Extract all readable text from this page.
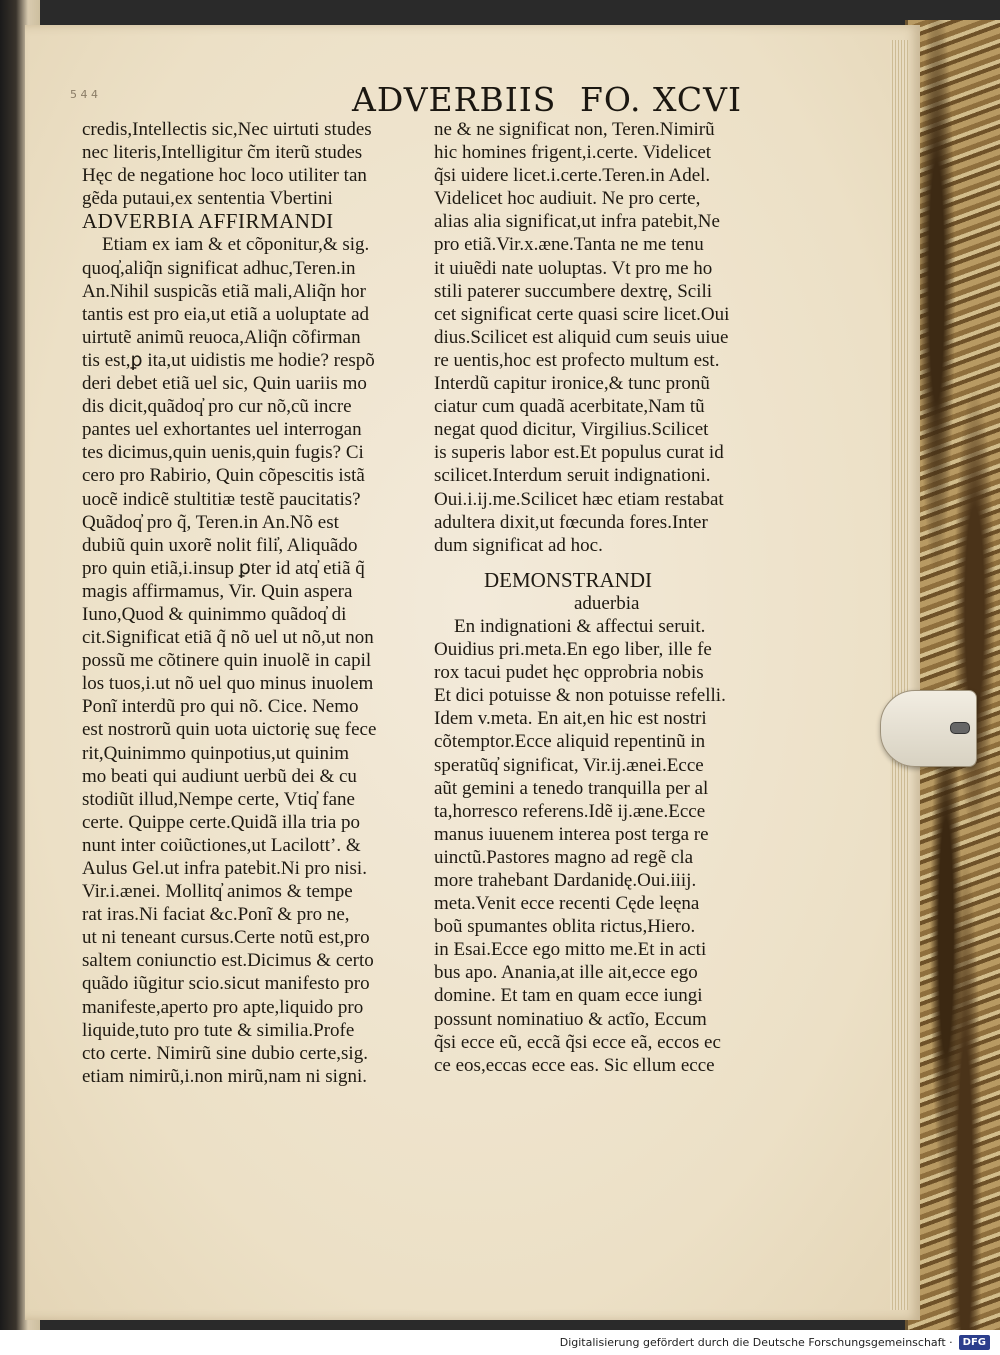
5 4 4	ADVERBIIS FO. XCVI
credis,Intellectis sic,Nec uirtuti studes
nec literis,Intelligitur c̃m iterũ studes
Hęc de negatione hoc loco utiliter tan
gẽda putaui,ex sententia Vbertini
ADVERBIA AFFIRMANDI
Etiam ex iam & et cõponitur,& sig.
quoq̓,aliq̃n significat adhuc,Teren.in
An.Nihil suspicãs etiã mali,Aliq̃n hor
tantis est pro eia,ut etiã a uoluptate ad
uirtutẽ animũ reuoca,Aliq̃n cõfirman
tis est,ꝑ ita,ut uidistis me hodie? respõ
deri debet etiã uel sic, Quin uariis mo
dis dicit,quãdoq̓ pro cur nõ,cũ incre
pantes uel exhortantes uel interrogan
tes dicimus,quin uenis,quin fugis? Ci
cero pro Rabirio, Quin cõpescitis istã
uocẽ indicẽ stultitiæ testẽ paucitatis?
Quãdoq̓ pro q̃, Teren.in An.Nõ est
dubiũ quin uxorẽ nolit fili̓, Aliquãdo
pro quin etiã,i.insup ꝑter id atq̓ etiã q̃
magis affirmamus, Vir. Quin aspera
Iuno,Quod & quinimmo quãdoq̓ di
cit.Significat etiã q̃ nõ uel ut nõ,ut non
possũ me cõtinere quin inuolẽ in capil
los tuos,i.ut nõ uel quo minus inuolem
Ponĩ interdũ pro qui nõ. Cice. Nemo
est nostrorũ quin uota uictorię suę fece
rit,Quinimmo quinpotius,ut quinim
mo beati qui audiunt uerbũ dei & cu
stodiũt illud,Nempe certe, Vtiq̓ fane
certe. Quippe certe.Quidã illa tria po
nunt inter coiũctiones,ut Lacilott’. &
Aulus Gel.ut infra patebit.Ni pro nisi.
Vir.i.ænei. Mollitq̓ animos & tempe
rat iras.Ni faciat &c.Ponĩ & pro ne,
ut ni teneant cursus.Certe notũ est,pro
saltem coniunctio est.Dicimus & certo
quãdo iũgitur scio.sicut manifesto pro
manifeste,aperto pro apte,liquido pro
liquide,tuto pro tute & similia.Profe
cto certe. Nimirũ sine dubio certe,sig.
etiam nimirũ,i.non mirũ,nam ni signi.
ne & ne significat non, Teren.Nimirũ
hic homines frigent,i.certe. Videlicet
q̃si uidere licet.i.certe.Teren.in Adel.
Videlicet hoc audiuit. Ne pro certe,
alias alia significat,ut infra patebit,Ne
pro etiã.Vir.x.æne.Tanta ne me tenu
it uiuẽdi nate uoluptas. Vt pro me ho
stili paterer succumbere dextrę, Scili
cet significat certe quasi scire licet.Oui
dius.Scilicet est aliquid cum seuis uiue
re uentis,hoc est profecto multum est.
Interdũ capitur ironice,& tunc pronũ
ciatur cum quadã acerbitate,Nam tũ
negat quod dicitur, Virgilius.Scilicet
is superis labor est.Et populus curat id
scilicet.Interdum seruit indignationi.
Oui.i.ij.me.Scilicet hæc etiam restabat
adultera dixit,ut fœcunda fores.Inter
dum significat ad hoc.
DEMONSTRANDI
aduerbia
En indignationi & affectui seruit.
Ouidius pri.meta.En ego liber, ille fe
rox tacui pudet hęc opprobria nobis
Et dici potuisse & non potuisse refelli.
Idem v.meta. En ait,en hic est nostri
cõtemptor.Ecce aliquid repentinũ in
speratũq̓ significat, Vir.ij.ænei.Ecce
aũt gemini a tenedo tranquilla per al
ta,horresco referens.Idẽ ij.æne.Ecce
manus iuuenem interea post terga re
uinctũ.Pastores magno ad regẽ cla
more trahebant Dardanidę.Oui.iiij.
meta.Venit ecce recenti Cęde leęna
boũ spumantes oblita rictus,Hiero.
in Esai.Ecce ego mitto me.Et in acti
bus apo. Anania,at ille ait,ecce ego
domine. Et tam en quam ecce iungi
possunt nominatiuo & actĩo, Eccum
q̃si ecce eũ, eccã q̃si ecce eã, eccos ec
ce eos,eccas ecce eas. Sic ellum ecce
Digitalisierung gefördert durch die Deutsche Forschungsgemeinschaft ·	DFG
